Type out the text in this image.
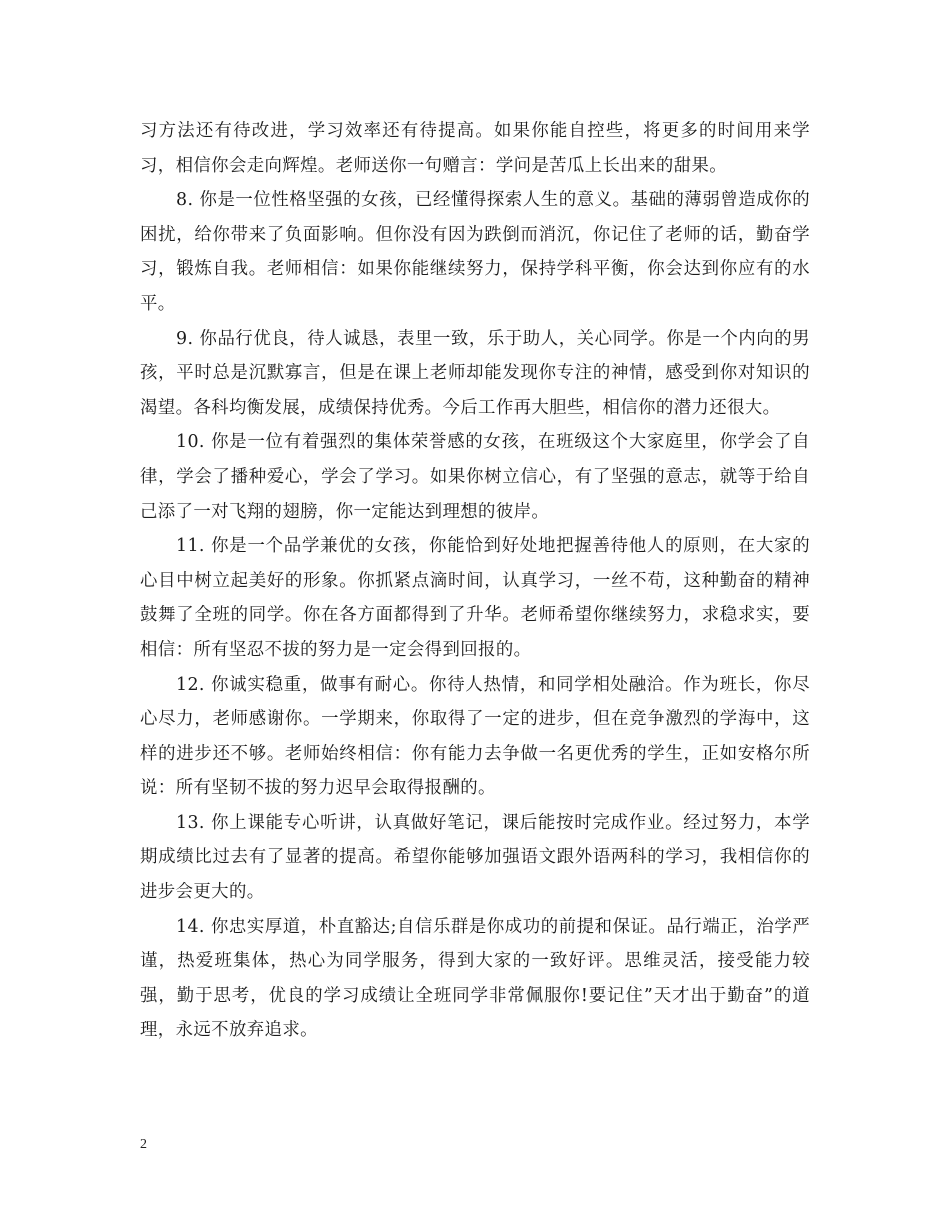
习方法还有待改进，学习效率还有待提高。如果你能自控些，将更多的时间用来学习，相信你会走向辉煌。老师送你一句赠言：学问是苦瓜上长出来的甜果。

8. 你是一位性格坚强的女孩，已经懂得探索人生的意义。基础的薄弱曾造成你的困扰，给你带来了负面影响。但你没有因为跌倒而消沉，你记住了老师的话，勤奋学习，锻炼自我。老师相信：如果你能继续努力，保持学科平衡，你会达到你应有的水平。

9. 你品行优良，待人诚恳，表里一致，乐于助人，关心同学。你是一个内向的男孩，平时总是沉默寡言，但是在课上老师却能发现你专注的神情，感受到你对知识的渴望。各科均衡发展，成绩保持优秀。今后工作再大胆些，相信你的潜力还很大。

10. 你是一位有着强烈的集体荣誉感的女孩，在班级这个大家庭里，你学会了自律，学会了播种爱心，学会了学习。如果你树立信心，有了坚强的意志，就等于给自己添了一对飞翔的翅膀，你一定能达到理想的彼岸。

11. 你是一个品学兼优的女孩，你能恰到好处地把握善待他人的原则，在大家的心目中树立起美好的形象。你抓紧点滴时间，认真学习，一丝不苟，这种勤奋的精神鼓舞了全班的同学。你在各方面都得到了升华。老师希望你继续努力，求稳求实，要相信：所有坚忍不拔的努力是一定会得到回报的。

12. 你诚实稳重，做事有耐心。你待人热情，和同学相处融洽。作为班长，你尽心尽力，老师感谢你。一学期来，你取得了一定的进步，但在竞争激烈的学海中，这样的进步还不够。老师始终相信：你有能力去争做一名更优秀的学生，正如安格尔所说：所有坚韧不拔的努力迟早会取得报酬的。

13. 你上课能专心听讲，认真做好笔记，课后能按时完成作业。经过努力，本学期成绩比过去有了显著的提高。希望你能够加强语文跟外语两科的学习，我相信你的进步会更大的。

14. 你忠实厚道，朴直豁达;自信乐群是你成功的前提和保证。品行端正，治学严谨，热爱班集体，热心为同学服务，得到大家的一致好评。思维灵活，接受能力较强，勤于思考，优良的学习成绩让全班同学非常佩服你!要记住”天才出于勤奋”的道理，永远不放弃追求。

2
